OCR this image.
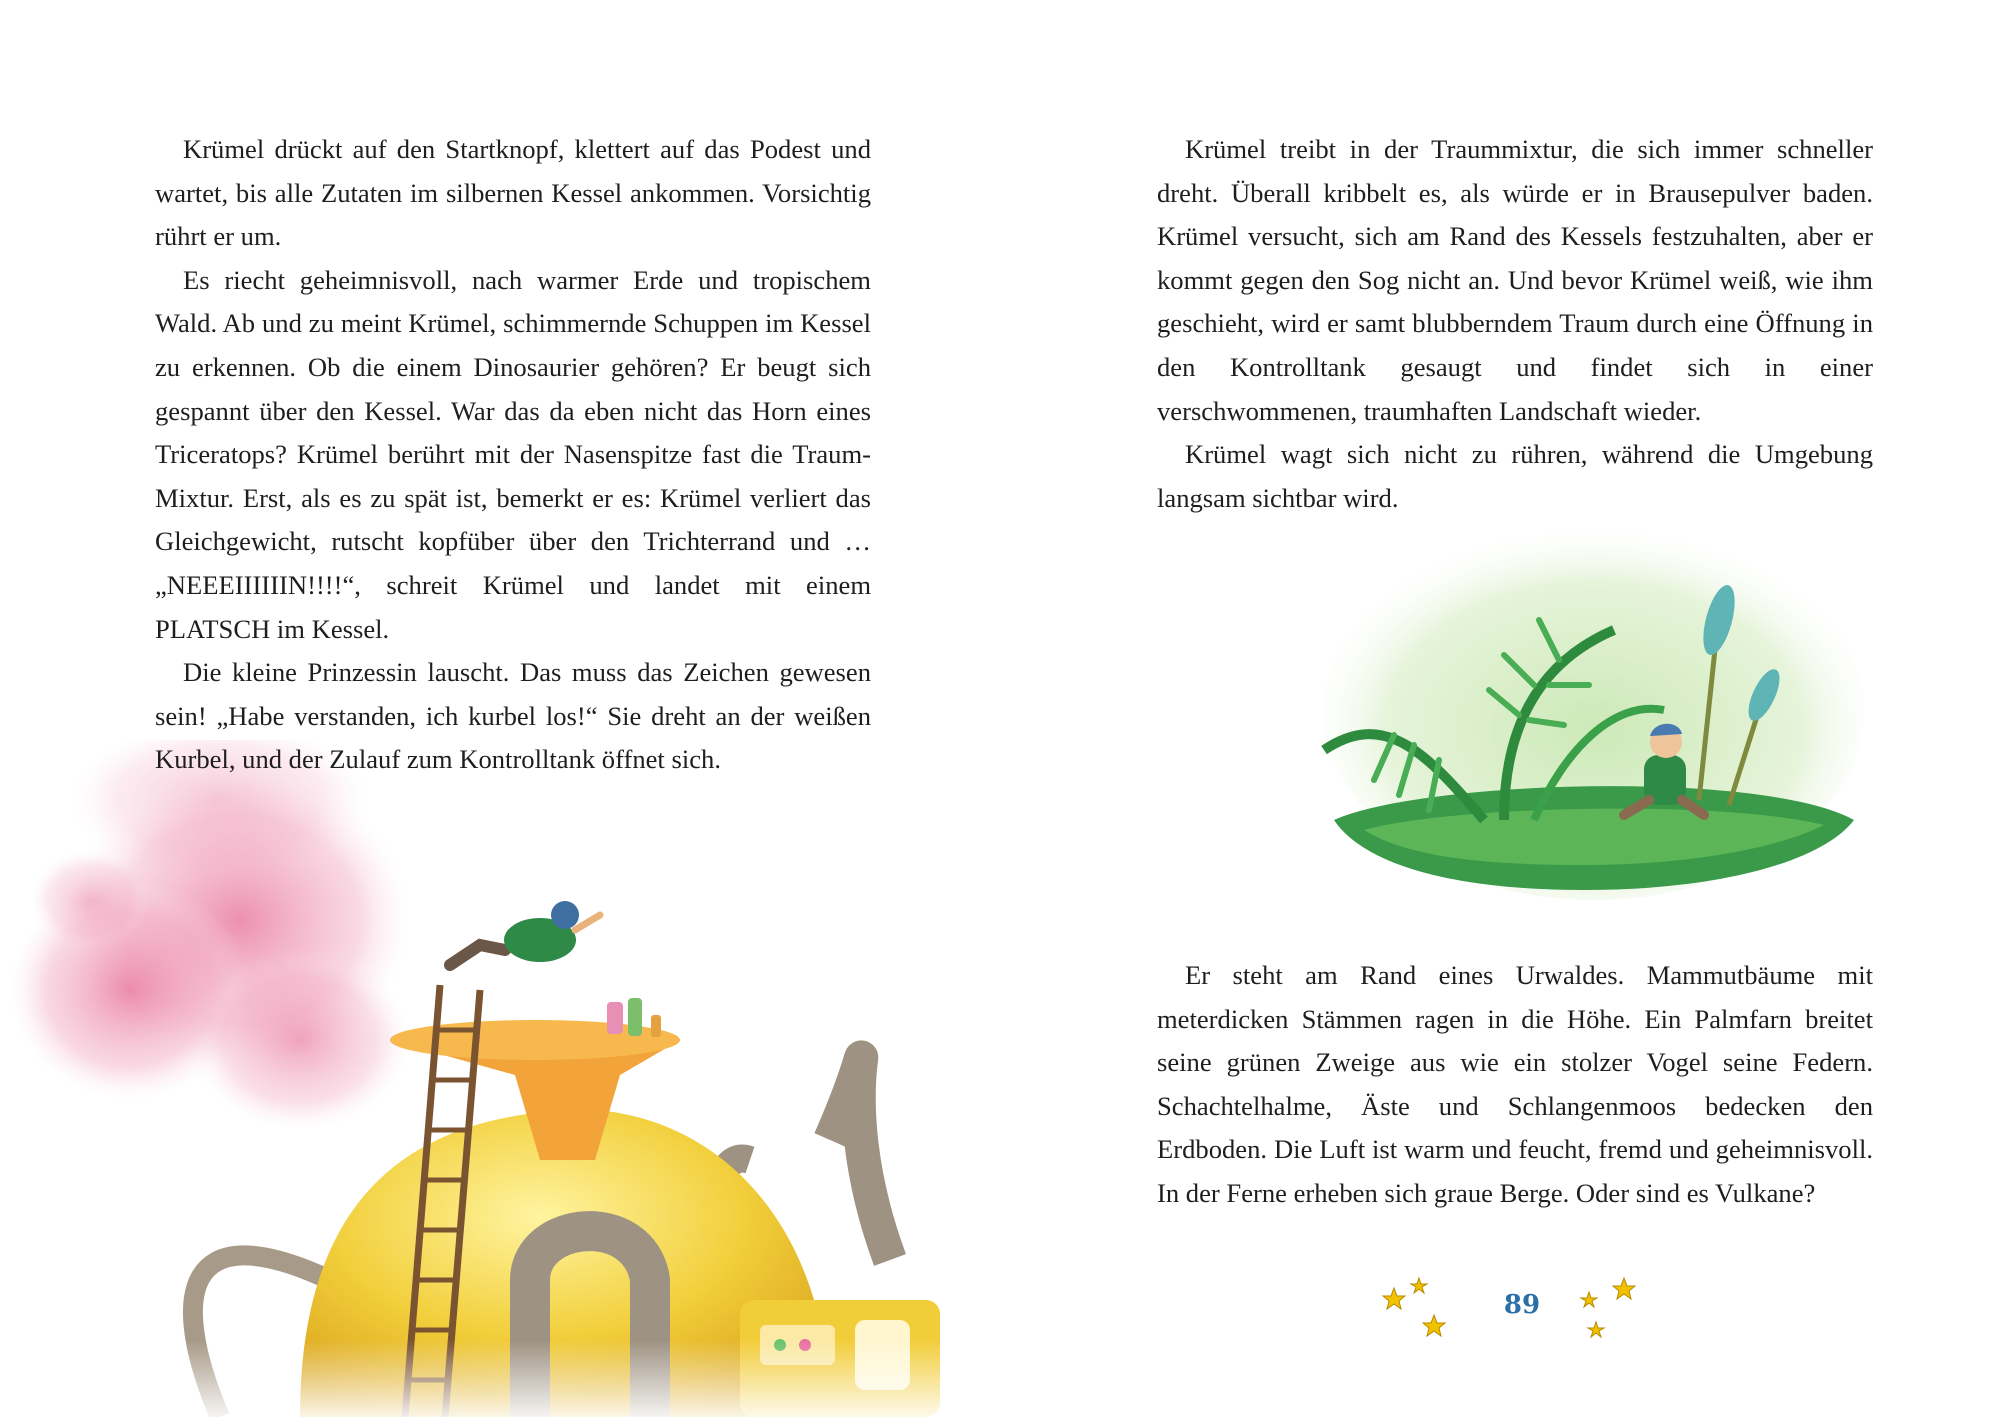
Krümel drückt auf den Startknopf, klettert auf das Podest und wartet, bis alle Zutaten im silbernen Kessel ankommen. Vorsichtig rührt er um.

Es riecht geheimnisvoll, nach warmer Erde und tropischem Wald. Ab und zu meint Krümel, schimmernde Schuppen im Kessel zu erkennen. Ob die einem Dinosaurier gehören? Er beugt sich gespannt über den Kessel. War das da eben nicht das Horn eines Triceratops? Krümel berührt mit der Nasenspitze fast die Traum-Mixtur. Erst, als es zu spät ist, bemerkt er es: Krümel verliert das Gleichgewicht, rutscht kopfüber über den Trichterrand und … „NEEEIIIIIIN!!!!“, schreit Krümel und landet mit einem PLATSCH im Kessel.

Die kleine Prinzessin lauscht. Das muss das Zeichen gewesen sein! „Habe verstanden, ich kurbel los!“ Sie dreht an der weißen Kurbel, und der Zulauf zum Kontrolltank öffnet sich.

Krümel treibt in der Traummixtur, die sich immer schneller dreht. Überall kribbelt es, als würde er in Brausepulver baden. Krümel versucht, sich am Rand des Kessels festzuhalten, aber er kommt gegen den Sog nicht an. Und bevor Krümel weiß, wie ihm geschieht, wird er samt blubberndem Traum durch eine Öffnung in den Kontrolltank gesaugt und findet sich in einer verschwommenen, traumhaften Landschaft wieder.

Krümel wagt sich nicht zu rühren, während die Umgebung langsam sichtbar wird.

Er steht am Rand eines Urwaldes. Mammutbäume mit meterdicken Stämmen ragen in die Höhe. Ein Palmfarn breitet seine grünen Zweige aus wie ein stolzer Vogel seine Federn. Schachtelhalme, Äste und Schlangenmoos bedecken den Erdboden. Die Luft ist warm und feucht, fremd und geheimnisvoll. In der Ferne erheben sich graue Berge. Oder sind es Vulkane?

89
